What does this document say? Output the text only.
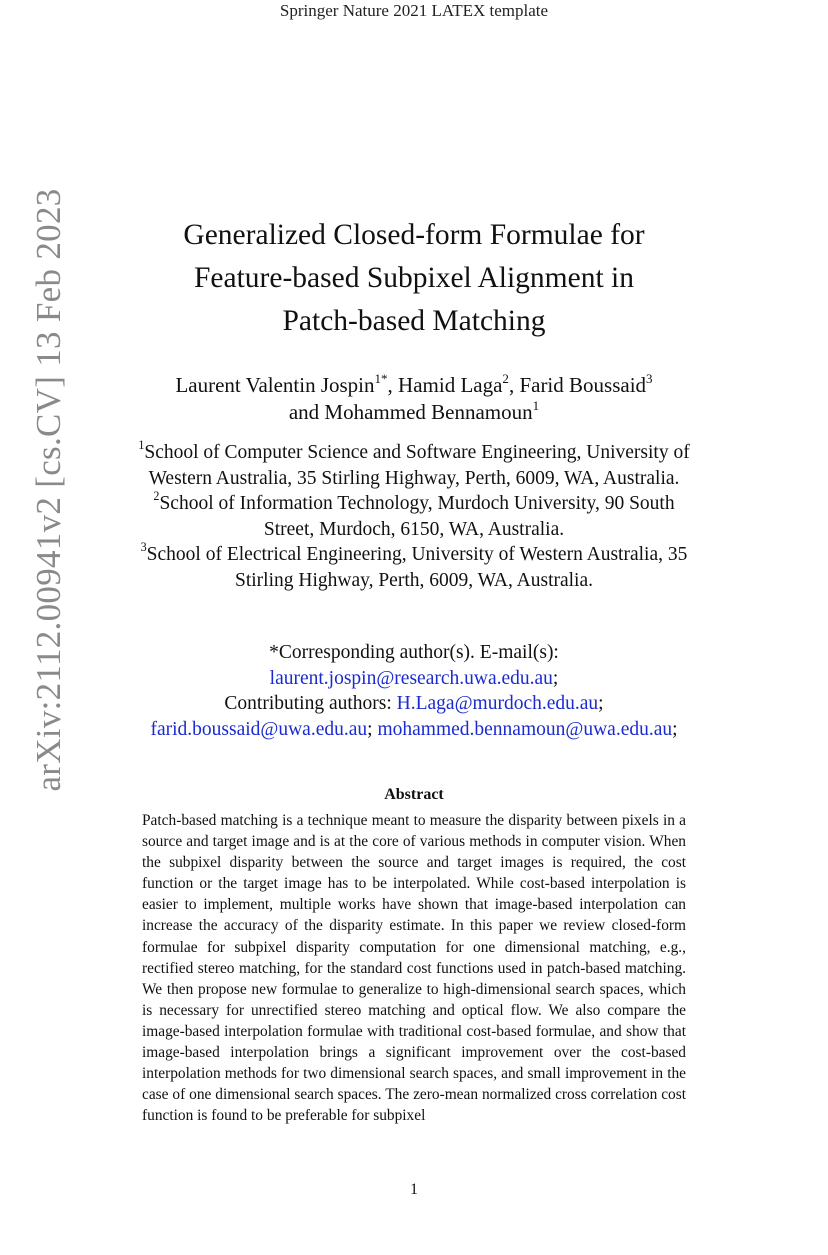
Springer Nature 2021 LATEX template
arXiv:2112.00941v2 [cs.CV] 13 Feb 2023	Generalized Closed-form Formulae for
Feature-based Subpixel Alignment in
Patch-based Matching
Laurent Valentin Jospin$^{1*}$, Hamid Laga$^2$, Farid Boussaid$^3$
and Mohammed Bennamoun$^1$
$^1$School of Computer Science and Software Engineering, University of
Western Australia, 35 Stirling Highway, Perth, 6009, WA, Australia.
$^2$School of Information Technology, Murdoch University, 90 South
Street, Murdoch, 6150, WA, Australia.
$^3$School of Electrical Engineering, University of Western Australia, 35
Stirling Highway, Perth, 6009, WA, Australia.
*Corresponding author(s). E-mail(s):
laurent.jospin@research.uwa.edu.au;
Contributing authors: H.Laga@murdoch.edu.au;
farid.boussaid@uwa.edu.au; mohammed.bennamoun@uwa.edu.au;
Abstract
Patch-based matching is a technique meant to measure the disparity between pixels in a source and target image and is at the core of various methods in computer vision. When the subpixel disparity between the source and target images is required, the cost function or the target image has to be interpolated. While cost-based interpolation is easier to implement, multiple works have shown that image-based interpolation can increase the accuracy of the disparity estimate. In this paper we review closed-form formulae for subpixel disparity computation for one dimensional matching, e.g., rectified stereo matching, for the standard cost functions used in patch-based matching. We then propose new formulae to generalize to high-dimensional search spaces, which is necessary for unrectified stereo matching and optical flow. We also compare the image-based interpolation formulae with traditional cost-based formulae, and show that image-based interpolation brings a significant improvement over the cost-based interpolation methods for two dimensional search spaces, and small improvement in the case of one dimensional search spaces. The zero-mean normalized cross correlation cost function is found to be preferable for subpixel
1
